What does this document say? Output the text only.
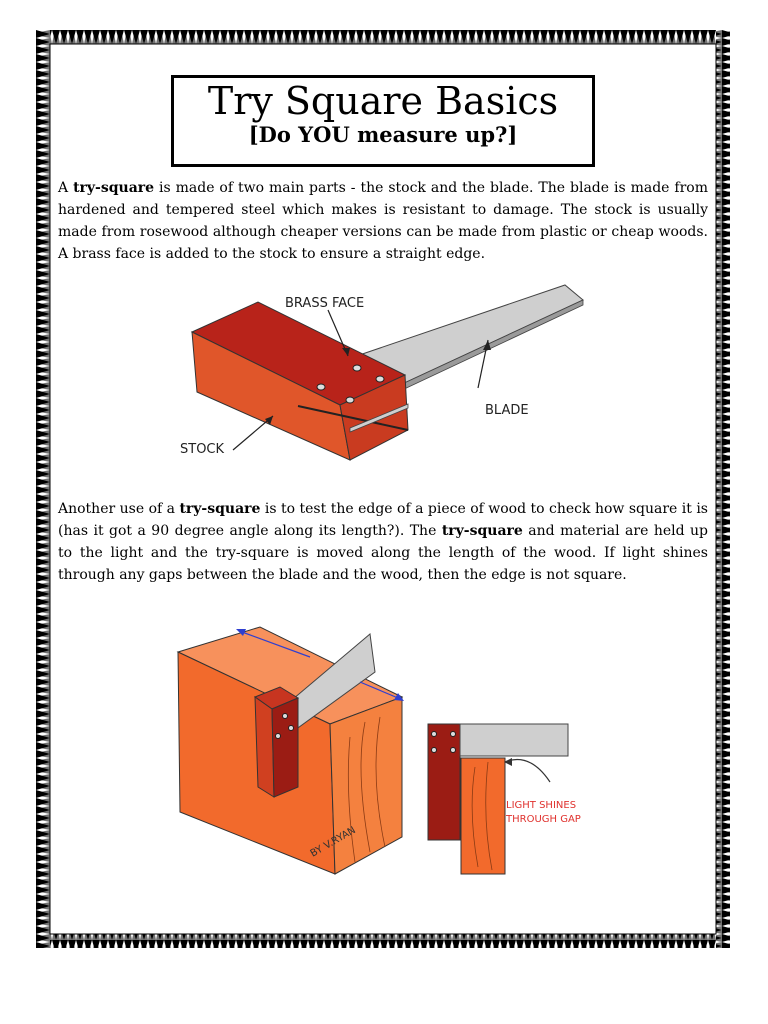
Try Square Basics
[Do YOU measure up?]
A try-square is made of two main parts - the stock and the blade. The blade is made from hardened and tempered steel which makes is resistant to damage. The stock is usually made from rosewood although cheaper versions can be made from plastic or cheap woods. A brass face is added to the stock to ensure a straight edge.
BRASS FACE
BLADE
STOCK
Another use of a try-square is to test the edge of a piece of wood to check how square it is (has it got a 90 degree angle along its length?). The try-square and material are held up to the light and the try-square is moved along the length of the wood. If light shines through any gaps between the blade and the wood, then the edge is not square.
BY V.RYAN
LIGHT SHINES
THROUGH GAP
